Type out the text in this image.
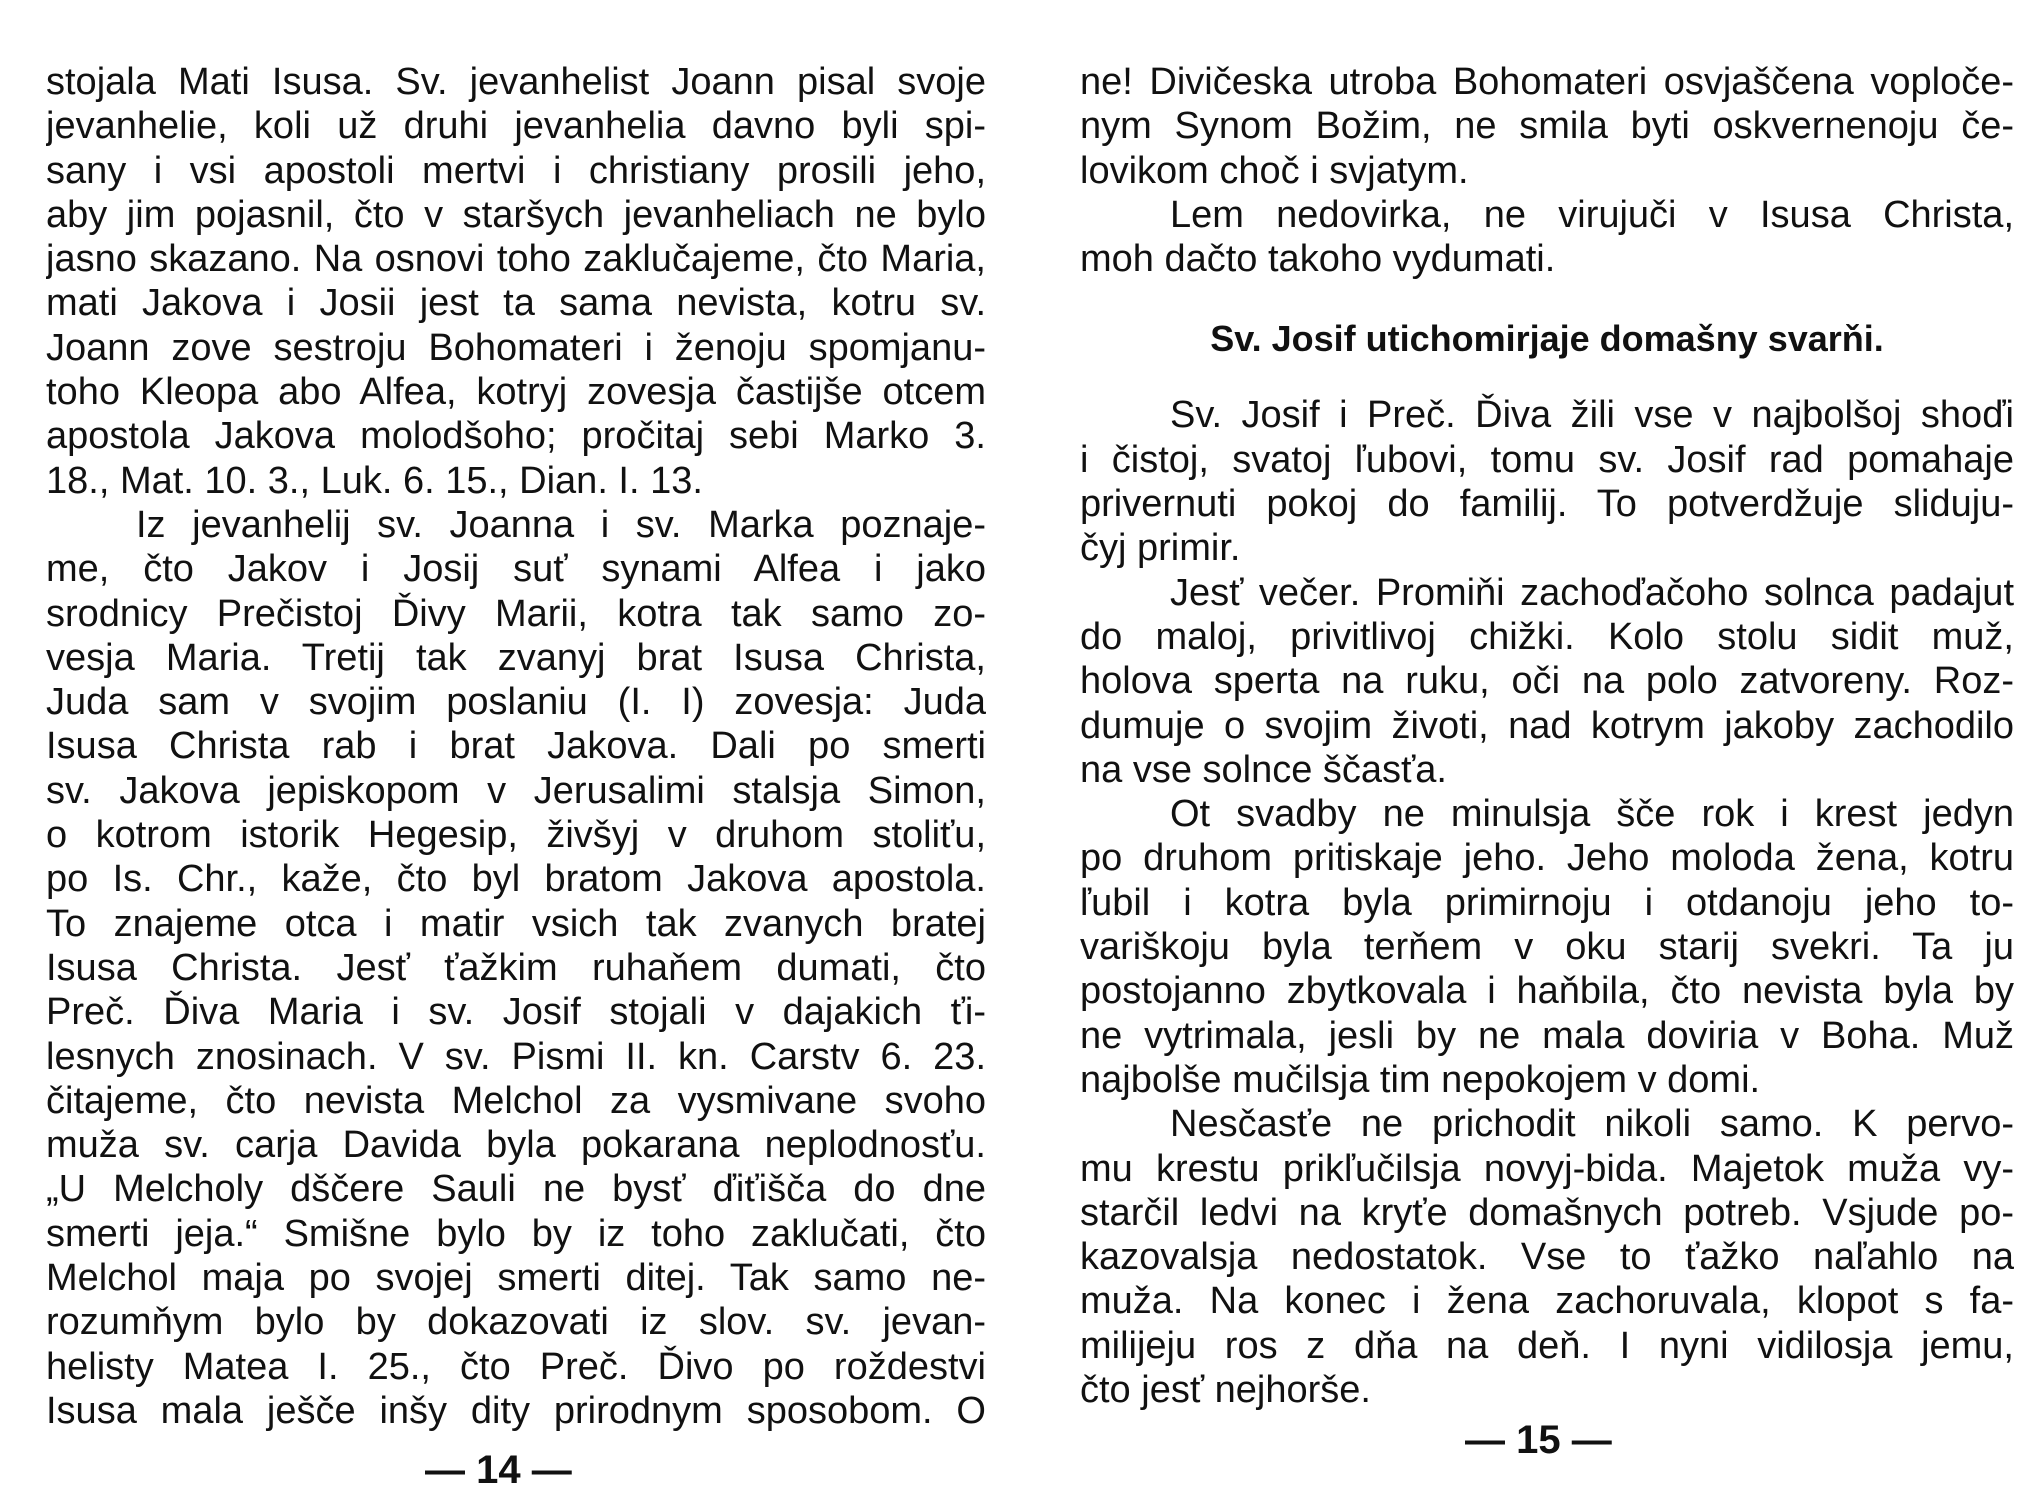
stojala Mati Isusa. Sv. jevanhelist Joann pisal svoje
jevanhelie, koli už druhi jevanhelia davno byli spi-
sany i vsi apostoli mertvi i christiany prosili jeho,
aby jim pojasnil, čto v staršych jevanheliach ne bylo
jasno skazano. Na osnovi toho zaklučajeme, čto Maria,
mati Jakova i Josii jest ta sama nevista, kotru sv.
Joann zove sestroju Bohomateri i ženoju spomjanu-
toho Kleopa abo Alfea, kotryj zovesja častijše otcem
apostola Jakova molodšoho; pročitaj sebi Marko 3.
18., Mat. 10. 3., Luk. 6. 15., Dian. I. 13.
Iz jevanhelij sv. Joanna i sv. Marka poznaje-
me, čto Jakov i Josij suť synami Alfea i jako
srodnicy Prečistoj Ďivy Marii, kotra tak samo zo-
vesja Maria. Tretij tak zvanyj brat Isusa Christa,
Juda sam v svojim poslaniu (I. I) zovesja: Juda
Isusa Christa rab i brat Jakova. Dali po smerti
sv. Jakova jepiskopom v Jerusalimi stalsja Simon,
o kotrom istorik Hegesip, živšyj v druhom stoliťu,
po Is. Chr., kaže, čto byl bratom Jakova apostola.
To znajeme otca i matir vsich tak zvanych bratej
Isusa Christa. Jesť ťažkim ruhaňem dumati, čto
Preč. Ďiva Maria i sv. Josif stojali v dajakich ťi-
lesnych znosinach. V sv. Pismi II. kn. Carstv 6. 23.
čitajeme, čto nevista Melchol za vysmivane svoho
muža sv. carja Davida byla pokarana neplodnosťu.
„U Melcholy dščere Sauli ne bysť ďiťišča do dne
smerti jeja.“ Smišne bylo by iz toho zaklučati, čto
Melchol maja po svojej smerti ditej. Tak samo ne-
rozumňym bylo by dokazovati iz slov. sv. jevan-
helisty Matea I. 25., čto Preč. Ďivo po roždestvi
Isusa mala ješče inšy dity prirodnym sposobom. O
— 14 —
ne! Divičeska utroba Bohomateri osvjaščena voploče-
nym Synom Božim, ne smila byti oskvernenoju če-
lovikom choč i svjatym.
Lem nedovirka, ne virujuči v Isusa Christa,
moh dačto takoho vydumati.
Sv. Josif utichomirjaje domašny svarňi.
Sv. Josif i Preč. Ďiva žili vse v najbolšoj shoďi
i čistoj, svatoj ľubovi, tomu sv. Josif rad pomahaje
privernuti pokoj do familij. To potverdžuje sliduju-
čyj primir.
Jesť večer. Promiňi zachoďačoho solnca padajut
do maloj, privitlivoj chižki. Kolo stolu sidit muž,
holova sperta na ruku, oči na polo zatvoreny. Roz-
dumuje o svojim životi, nad kotrym jakoby zachodilo
na vse solnce ščasťa.
Ot svadby ne minulsja šče rok i krest jedyn
po druhom pritiskaje jeho. Jeho moloda žena, kotru
ľubil i kotra byla primirnoju i otdanoju jeho to-
variškoju byla terňem v oku starij svekri. Ta ju
postojanno zbytkovala i haňbila, čto nevista byla by
ne vytrimala, jesli by ne mala doviria v Boha. Muž
najbolše mučilsja tim nepokojem v domi.
Nesčasťe ne prichodit nikoli samo. K pervo-
mu krestu prikľučilsja novyj-bida. Majetok muža vy-
starčil ledvi na kryťe domašnych potreb. Vsjude po-
kazovalsja nedostatok. Vse to ťažko naľahlo na
muža. Na konec i žena zachoruvala, klopot s fa-
milijeju ros z dňa na deň. I nyni vidilosja jemu,
čto jesť nejhorše.
— 15 —
